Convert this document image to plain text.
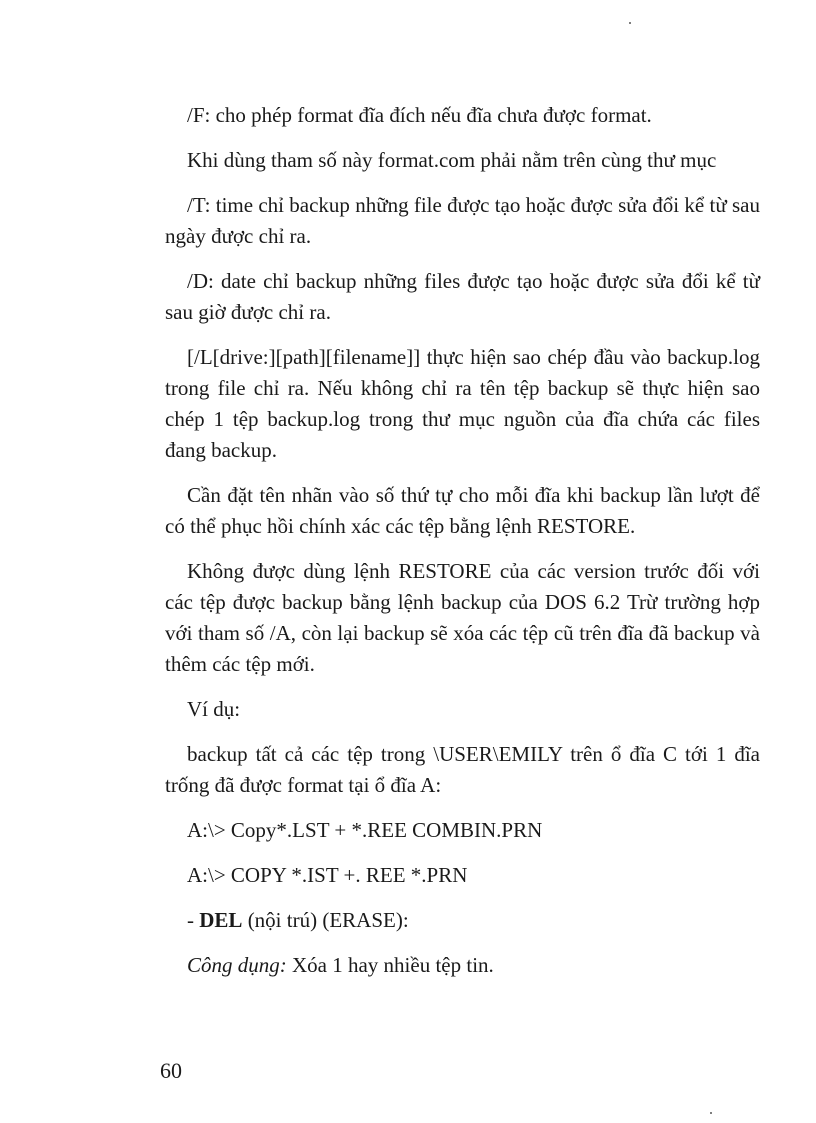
/F: cho phép format đĩa đích nếu đĩa chưa được format.

Khi dùng tham số này format.com phải nằm trên cùng thư mục

/T: time chỉ backup những file được tạo hoặc được sửa đổi kể từ sau ngày được chỉ ra.

/D: date chỉ backup những files được tạo hoặc được sửa đổi kể từ sau giờ được chỉ ra.

[/L[drive:][path][filename]] thực hiện sao chép đầu vào backup.log trong file chỉ ra. Nếu không chỉ ra tên tệp backup sẽ thực hiện sao chép 1 tệp backup.log trong thư mục nguồn của đĩa chứa các files đang backup.

Cần đặt tên nhãn vào số thứ tự cho mỗi đĩa khi backup lần lượt để có thể phục hồi chính xác các tệp bằng lệnh RESTORE.

Không được dùng lệnh RESTORE của các version trước đối với các tệp được backup bằng lệnh backup của DOS 6.2 Trừ trường hợp với tham số /A, còn lại backup sẽ xóa các tệp cũ trên đĩa đã backup và thêm các tệp mới.

Ví dụ:

backup tất cả các tệp trong \USER\EMILY trên ổ đĩa C tới 1 đĩa trống đã được format tại ổ đĩa A:

A:\> Copy*.LST + *.REE COMBIN.PRN
A:\> COPY *.IST +. REE *.PRN
- DEL (nội trú) (ERASE):
Công dụng: Xóa 1 hay nhiều tệp tin.
60
